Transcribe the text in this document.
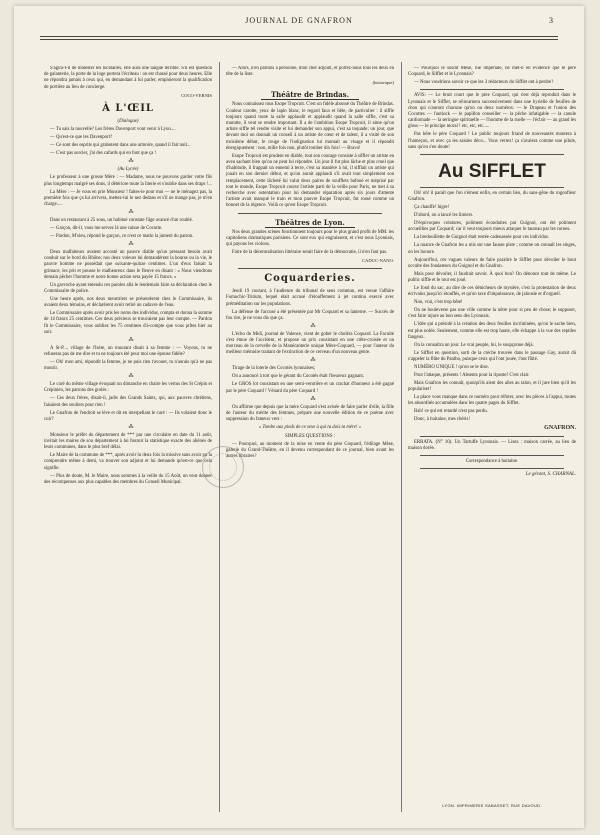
JOURNAL DE GNAFRON	3

S'agira-t-il de molester les locataires, elle aura une langue terrible. S'il est question de galanterie, la porte de la loge portera l'écriteau : on est chassé pour deux heures. Elle ne répondra jamais à ceux qui, en demandant à lui parler, emploieront la qualification de portière au lieu de concierge.

COCO-VERNIS

À L'ŒIL

(Dialogue)

— Tu sais la nouvelle? Les frères Davenport vont venir à Lyon....

— Qu'est-ce que les Davenport?

— Ce sont des esprits qui grabotent dans une armoire, quand il fait nuit...

— C'est pas sorcier, j'ai des cafards qui en font que ça !

⁂

(Au Lycée)

Le professeur à une grosse Mère : — Madame, nous ne pouvons garder votre fils plus longtemps malgré ses dons, il détériore toute la literie et s'oublie dans ses draps !...

La Mère : — Je vous en prie Monsieur ! faites-le pour moi — ne le ménagez pas, la première fois que ça lui arrivera, mettez-lui le nez dedans et s'il ne mange pas, je m'en charge.....

⁂

Dans un restaurant à 25 sous, un habitué constate l'âge avancé d'un roublé.

— Garçon, dit-il, vous me servez là une caisse de Cocotte.

— Pardon, M'sieu, répond le garçon, ce n'est ce matin la jument du patron.

⁂

Deux malfaiteurs avaient accosté un pauvre diable qu'un pressant besoin avait conduit sur le bord du Rhône; nos deux voleurs lui demandèrent la bourse ou la vie, le pauvre homme ne possédait que soixante-quinze centimes. L'un d'eux faisait la grimace, les prit et pousse le malheureux dans le fleuve en disant : « Nous viendrons demain pêcher l'homme et notre bonne action sera payée 15 francs. »

Un gavroche ayant entendu ces paroles alla le lendemain faire sa déclaration chez le Commissaire de police.

Une heure après, nos deux meurtriers se présentèrent chez le Commissaire, ils avaient deux témoins, et déclarèrent avoir retiré un cadavre de l'eau.

Le Commissaire après avoir pris les noms des individus, compta et donna la somme de 14 francs 25 centimes. Ces deux précieux se trouvaient pas leur compte. — Pardon fit le Commissaire, vous oubliez les 75 centimes d'à-compte que vous prîtes hier au soir.

⁂

A St-P..., village de l'Isère, un mourant disait à sa femme : — Voyons, tu ne refuseras pas de me dire et tu ne toujours été pour moi une épouse fidèle?

— Oh! mon ami, répondit la femme, je ne puis rien t'avouer, tu n'aurais qu'à ne pas mourir.

⁂

Le curé du même village évoquait un dimanche en chaire les vertus des St Crépin et Crépinien, les patrons des grolés :

— Ces deux frères, disait-il, jadis des Grands Saints, qui, aux pauvres chrétiens, faisaient des souliers pour rien !

Le Gnafron de l'endroit se lève et dit en interpellant le curé : — Ils volaient donc le cuir?

⁂

Monsieur le préfet du département de *** par une circulaire en date du 11 août, invitait les maires de son département à lui fournir la statistique exacte des aliénés de leurs communes, dans le plus bref délai.

Le Maire de la commune de ***, après avoir lu deux fois la missive sans avoir pu la comprendre même à demi, va trouver son adjoint et lui demande qu'est-ce que cela signifie.

— Plus de doute, M. le Maire, nous sommes à la veille du 15 Août, on veut donner des récompenses aux plus capables des membres du Conseil Municipal.

— Alors, n'en parlons à personne, mon cher adjoint, et portez-nous tous les deux en tête de la liste.

(historique)

Théâtre de Brindas.

Nous connaissez tous Esope Tropcuit. C'est un fidèle abonné du Théâtre de Brindas. Couleur carotte, yeux de lapin blanc, le regard faux et bête, de particulier : il siffle toujours quand toute la salle applaudit et applaudit quand la salle siffle, c'est sa marotte, il veut se rendre important. Il a de l'ambition Esope Tropcuit, il aime qu'un artiste siffle tel rendre visite et lui demander son appui, c'est sa toquade; un jour, que devant moi on donnait un conseil à un artiste de cœur et de talent, il a visité de son troisième début, le rouge de l'indignation lui montait au visage et il répondit énergiquement : non, mille fois non, plutôt tomber dix fois! — Bravo!

Esope Tropcuit est prudent en diable, tout son courage consiste à siffler un artiste en aveu sachant bien qu'on ne peut lui répondre. Un jour il fut plus lâche et plus cruel que d'habitude, il frappait un ennemi à terre, c'est sa manière à lui, il sifflait un artiste qui jouait en son dernier début, et qu'on aurait applaudi s'il avait tout simplement son remplacement, cette lâcheté lui valut deux paires de soufflets bafoué et méprisé par tout le monde, Esope Tropcuit courut l'artiste parti de la veille pour Paris, ne met à sa recherche avec ostentation pour lui demander réparation après six jours d'attente l'artiste avait manqué le train et mon pauvre Esope Tropcuit, fut rossé comme un bonnet de la régence. Voilà ce qu'est Esope Tropcuit.

Théâtres de Lyon.

Nos deux grandes scènes fonctionnent toujours pour le plus grand profit de MM. les capitoliens dramatiques parisiens. Ce sont eux qui engraissent, et c'est nous Lyonnais, qui payons les violons.

Faire de la décentralisation littéraire serait faire de la démocratie, il n'en faut pas.

CADUC-NANO.

Coquarderies.

Jeudi 19 courant, à l'audience du tribunal de sens commun, est venue l'affaire Fumochic-Tritium, lequel était accusé d'étouffement à jet continu exercé avec préméditation sur les populations.

La défense de l'accusé a été présentée par Mr Coquard et sa lanterne. — Succès de fou rire, je ne vous dis que ça.

⁂

L'écho du Midi, journal de Valence, vient de gober le choléra Coquard. La Faculté s'est émue de l'accident, et propose un prix consistant en une crête-croisée et un morceau de la cervelle de la Manécanterie unique Mère-Coquard, — pour l'auteur du meilleur mémoire traitant de l'extinction de ce cerveau d'un nouveau genre.

⁂

Tirage de la loterie des Cocotés lyonnaises;

On a annoncé à tort que le gérant du Cocotés était l'heureux gagnant.

Le GROS lot consistant en une semi-ventrière et un crachat d'honneur a été gagné par le père Coquard ! Vénard du père Coquard !

⁂

On affirme que depuis que la mère Coquard s'est avisée de faire parler d'elle, la fille de l'auteur du mérite des femmes, prépare une nouvelle édition de ce poème avec suppression du fameux vers :

« Tombe aux pieds de ce sexe à qui tu dois ta mère! »

SIMPLES QUESTIONS :

— Pourquoi, au moment de la mise en vente du père Coquard, l'édilage Mèse, galerie du Grand-Théâtre, en il devenu correspondant de ce journal, bien avant les autres libraires?

— Pourquoi le susdit Mèse, rue impériale, ne met-il en évidence que le père Coquard, le Sifflet et le Lyonnais?

— Nous voudrions savoir ce que les 3 rédacteurs du Sifflet ont à perdre?

AVIS: — Le bruit court que le père Coquard, qui s'est déjà reproduit dans le Lyonnais et le Sifflet, se réincarnera successivement dans une kyrielle de feuilles de chou qui n'auront chacune qu'un ou deux numéros: — le Drapeau et l'union des Cocottes — l'autiock — le papillon conseiller — la pêche infatigable — la canule cardiomade — la seringue spirituelle — l'homme de la ruelle — l'éclair — au grand les gloss — le principe moral ! etc, etc, etc.....

Pas bête le père Coquard ! Le public toujours friand de nouveautés montera à l'hameçon, et avec ça les saisies déco... Vous verrez! ça s'avalera comme une pilule, sans qu'on s'en doute!

Au SIFFLET

Oh! oh! il paraît que l'on s'émeut enfin, en certain lieu, du sans-gêne du rogonfleur Gnafron.

Ça chauffe! higre!

D'abord, on a lancé les limiers.

D'équivoques créatures, poliment éconduites par Guignol, ont été poliment accueillies par Coquard; car il veut toujours mieux attaquer le taureau par les cornes.

La bredouillette de Guignol était restée cadenassée pour ces individus.

La nuance de Gnafron les a mis sur une fausse piste ; comme on connaît les singes, on les honore.

Aujourd'hui, ces vagues valeurs de faire paraître le Sifflet pour dévoiler le bout occulte des fondateurs du Guignol et du Gnafron.

Mais pour dévoiler, il faudrait savoir. À quoi bon? On dénonce tout de même. Le public siffle et le tour est joué.

Le fond du sac, au dire de ces dénicheurs de mystère, c'est la protestation de deux écrivains jusqu'ici étouffés, et qu'on taxe d'impuissance, de jalousie et d'orgueil.

Non, vrai, c'est trop bête!

On ne bouleverse pas une ville comme la nôtre pour si peu de chose; le supposer, c'est faire injure au bon sens des Lyonnais.

L'idée qui a présidé à la création des deux feuilles incriminées, qu'on le sache bien, est plus noble. Seulement, comme elle est trop haute, elle échappe à la vue des reptiles fangeux.

On la connaîtra un jour. Le vrai peuple, lui, le soupçonne déjà.

Le Sifflet en question, sorti de la crèche trouvée dans le passage Gay, aurait dû s'appeler la flûte du Pantho, puisque ceux qui l'ont jouée, l'ont flûté.

NUMÉRO UNIQUE ! qu'on se le dise.

Pour l'attaque, présents ! Absents pour la riposte! C'est clair.

Mais Gnafron les connaît, quoiqu'ils aient des ailes au talon, et il jure bien qu'il les populariser!

La place vous manque dans ce numéro pour réfuter, avec les pièces à l'appui, toutes les absurdités accumulées dans les quatre pages du Sifflet.

Bah! ce qui est retardé n'est pas perdu.

Donc, à huitaine, mes chéris!

GNAFRON.

ERRATA. (N° 10). Un Tartuffe Lyonnais. — Lisez : maison carrée, au lieu de maison dorée.

Correspondance à huitaine.

Le gérant, S. CHARNAL.

LYON. IMPRIMERIE SABASSET, RUE DAVOUD.
